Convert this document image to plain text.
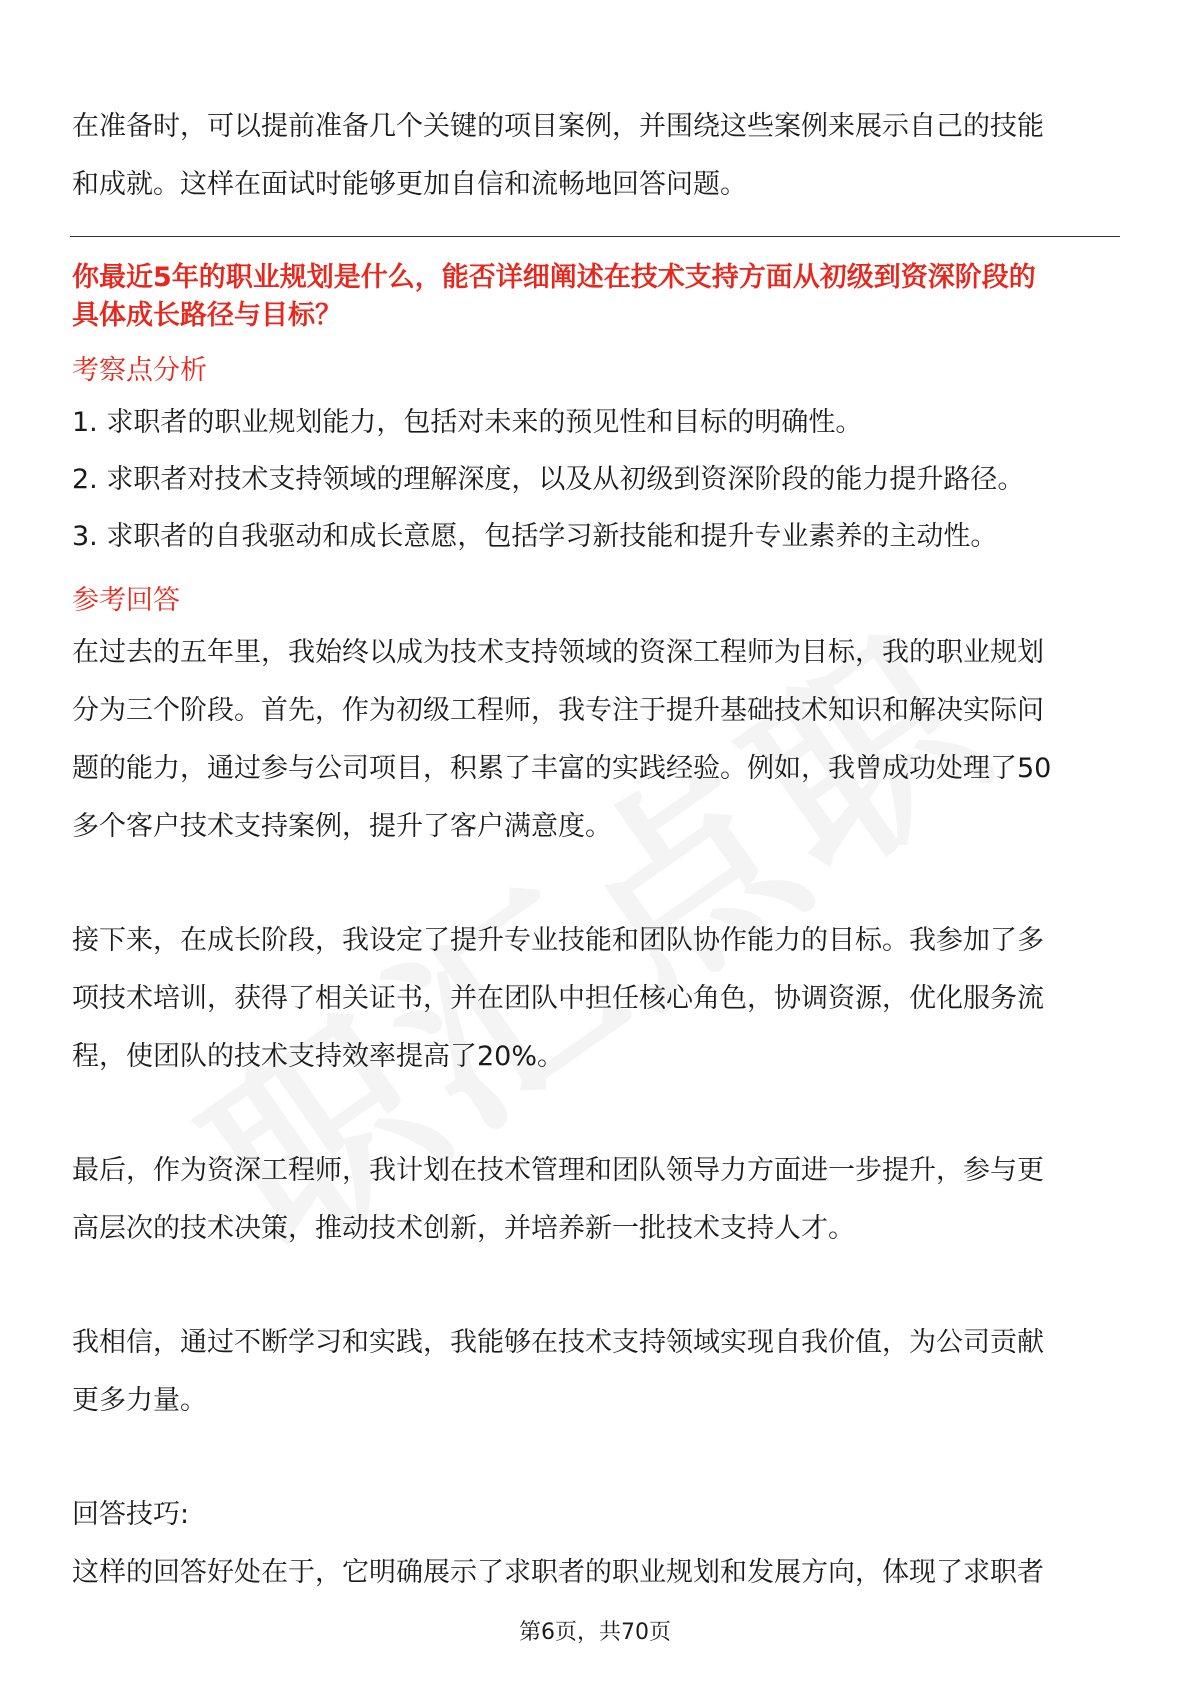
在准备时，可以提前准备几个关键的项目案例，并围绕这些案例来展示自己的技能

和成就。这样在面试时能够更加自信和流畅地回答问题。

你最近5年的职业规划是什么，能否详细阐述在技术支持方面从初级到资深阶段的

具体成长路径与目标？

考察点分析

1. 求职者的职业规划能力，包括对未来的预见性和目标的明确性。
2. 求职者对技术支持领域的理解深度，以及从初级到资深阶段的能力提升路径。
3. 求职者的自我驱动和成长意愿，包括学习新技能和提升专业素养的主动性。

参考回答

在过去的五年里，我始终以成为技术支持领域的资深工程师为目标，我的职业规划

分为三个阶段。首先，作为初级工程师，我专注于提升基础技术知识和解决实际问

题的能力，通过参与公司项目，积累了丰富的实践经验。例如，我曾成功处理了50

多个客户技术支持案例，提升了客户满意度。

接下来，在成长阶段，我设定了提升专业技能和团队协作能力的目标。我参加了多

项技术培训，获得了相关证书，并在团队中担任核心角色，协调资源，优化服务流

程，使团队的技术支持效率提高了20%。

最后，作为资深工程师，我计划在技术管理和团队领导力方面进一步提升，参与更

高层次的技术决策，推动技术创新，并培养新一批技术支持人才。

我相信，通过不断学习和实践，我能够在技术支持领域实现自我价值，为公司贡献

更多力量。

回答技巧:

这样的回答好处在于，它明确展示了求职者的职业规划和发展方向，体现了求职者

第6页，共70页
